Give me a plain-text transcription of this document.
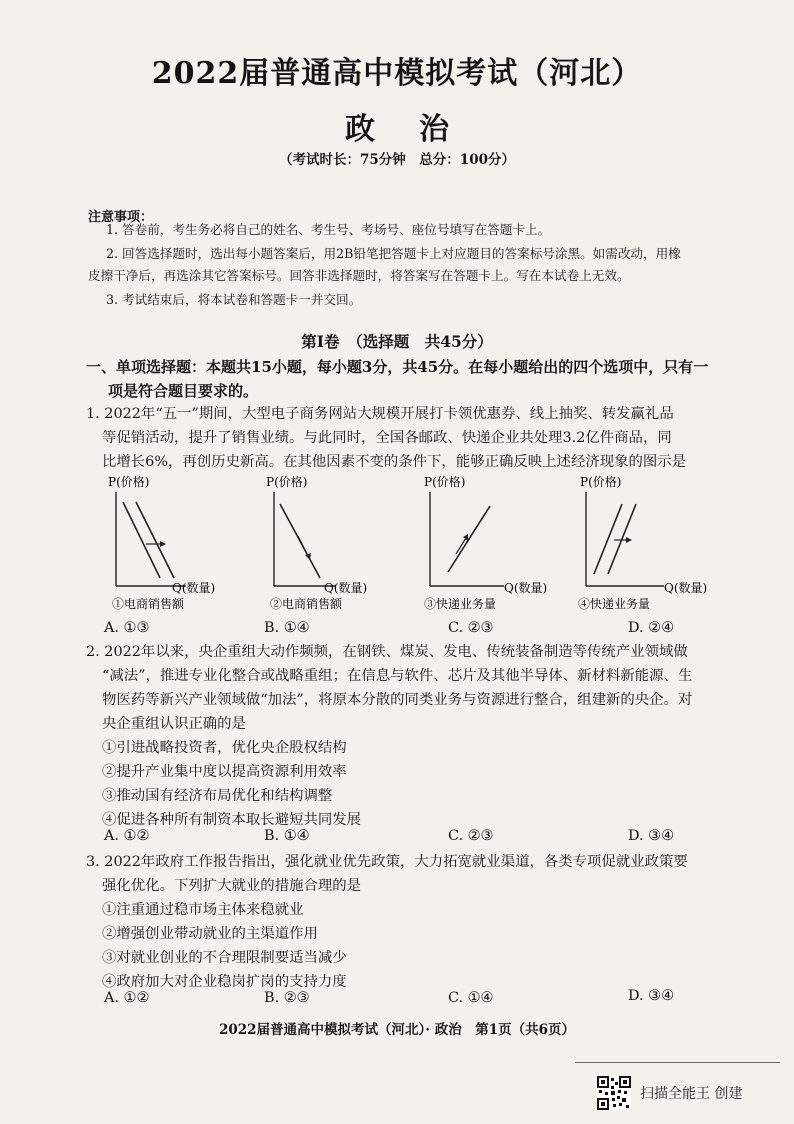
2022届普通高中模拟考试（河北）
政治
（考试时长：75分钟　总分：100分）
注意事项：
1. 答卷前，考生务必将自己的姓名、考生号、考场号、座位号填写在答题卡上。
2. 回答选择题时，选出每小题答案后，用2B铅笔把答题卡上对应题目的答案标号涂黑。如需改动，用橡
皮擦干净后，再选涂其它答案标号。回答非选择题时，将答案写在答题卡上。写在本试卷上无效。
3. 考试结束后，将本试卷和答题卡一并交回。
第Ⅰ卷　（选择题　共45分）
一、单项选择题：本题共15小题，每小题3分，共45分。在每小题给出的四个选项中，只有一
项是符合题目要求的。
1. 2022年“五一”期间，大型电子商务网站大规模开展打卡领优惠券、线上抽奖、转发赢礼品
等促销活动，提升了销售业绩。与此同时，全国各邮政、快递企业共处理3.2亿件商品，同
比增长6%，再创历史新高。在其他因素不变的条件下，能够正确反映上述经济现象的图示是
P(价格)
Q(数量)
①电商销售额
P(价格)
Q(数量)
②电商销售额
P(价格)
Q(数量)
③快递业务量
P(价格)
Q(数量)
④快递业务量
A. ①③	B. ①④	C. ②③	D. ②④
2. 2022年以来，央企重组大动作频频，在钢铁、煤炭、发电、传统装备制造等传统产业领域做
“减法”，推进专业化整合或战略重组；在信息与软件、芯片及其他半导体、新材料新能源、生
物医药等新兴产业领域做“加法”，将原本分散的同类业务与资源进行整合，组建新的央企。对
央企重组认识正确的是
①引进战略投资者，优化央企股权结构
②提升产业集中度以提高资源利用效率
③推动国有经济布局优化和结构调整
④促进各种所有制资本取长避短共同发展
A. ①②	B. ①④	C. ②③	D. ③④
3. 2022年政府工作报告指出，强化就业优先政策，大力拓宽就业渠道，各类专项促就业政策要
强化优化。下列扩大就业的措施合理的是
①注重通过稳市场主体来稳就业
②增强创业带动就业的主渠道作用
③对就业创业的不合理限制要适当减少
④政府加大对企业稳岗扩岗的支持力度
A. ①②	B. ②③	C. ①④	D. ③④
2022届普通高中模拟考试（河北）· 政治　第1页（共6页）
扫描全能王 创建
